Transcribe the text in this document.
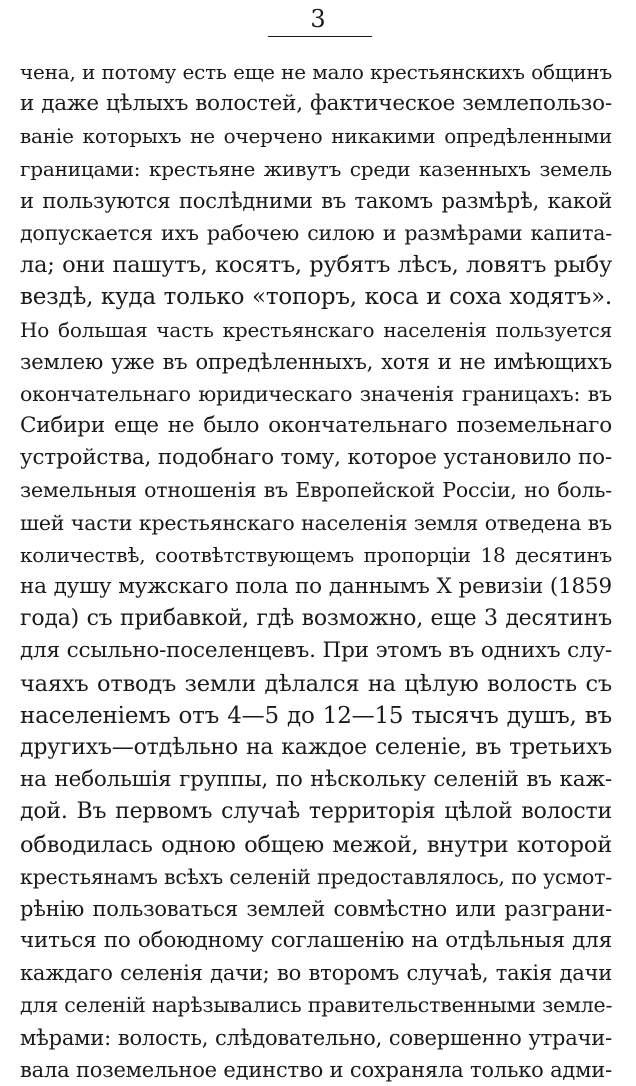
3
чена, и потому есть еще не мало крестьянскихъ общинъ
и даже цѣлыхъ волостей, фактическое землепользо-
ваніе которыхъ не очерчено никакими опредѣленными
границами: крестьяне живутъ среди казенныхъ земель
и пользуются послѣдними въ такомъ размѣрѣ, какой
допускается ихъ рабочею силою и размѣрами капита-
ла; они пашутъ, косятъ, рубятъ лѣсъ, ловятъ рыбу
вездѣ, куда только «топоръ, коса и соха ходятъ».
Но большая часть крестьянскаго населенія пользуется
землею уже въ опредѣленныхъ, хотя и не имѣющихъ
окончательнаго юридическаго значенія границахъ: въ
Сибири еще не было окончательнаго поземельнаго
устройства, подобнаго тому, которое установило по-
земельныя отношенія въ Европейской Россіи, но боль-
шей части крестьянскаго населенія земля отведена въ
количествѣ, соотвѣтствующемъ пропорціи 18 десятинъ
на душу мужскаго пола по даннымъ X ревизіи (1859
года) съ прибавкой, гдѣ возможно, еще 3 десятинъ
для ссыльно-поселенцевъ. При этомъ въ однихъ слу-
чаяхъ отводъ земли дѣлался на цѣлую волость съ
населеніемъ отъ 4—5 до 12—15 тысячъ душъ, въ
другихъ—отдѣльно на каждое селеніе, въ третьихъ
на небольшія группы, по нѣскольку селеній въ каж-
дой. Въ первомъ случаѣ территорія цѣлой волости
обводилась одною общею межой, внутри которой
крестьянамъ всѣхъ селеній предоставлялось, по усмот-
рѣнію пользоваться землей совмѣстно или разграни-
читься по обоюдному соглашенію на отдѣльныя для
каждаго селенія дачи; во второмъ случаѣ, такія дачи
для селеній нарѣзывались правительственными земле-
мѣрами: волость, слѣдовательно, совершенно утрачи-
вала поземельное единство и сохраняла только адми-
